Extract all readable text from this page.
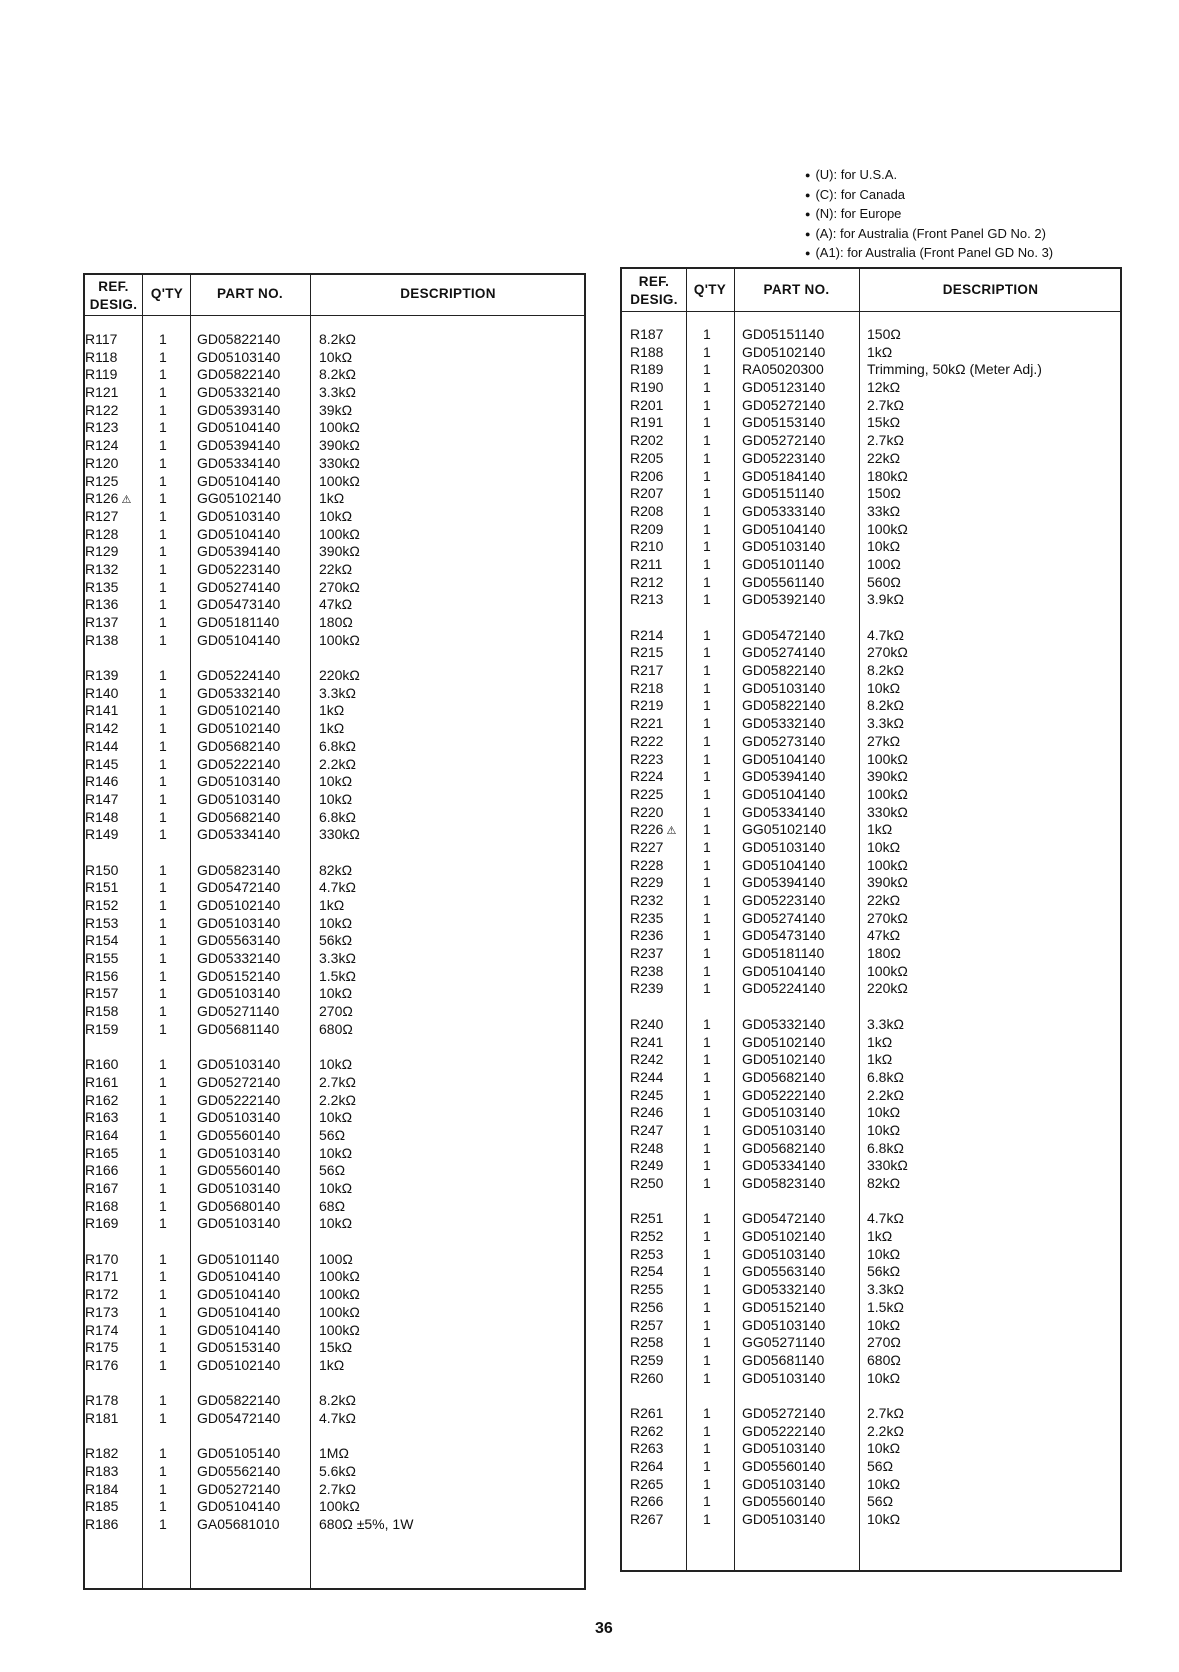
● (U): for U.S.A.
● (C): for Canada
● (N): for Europe
● (A): for Australia (Front Panel GD No. 2)
● (A1): for Australia (Front Panel GD No. 3)
REF.
DESIG.
Q'TY	PART NO.	DESCRIPTION
R117	1 GD05822140	8.2kΩ
R118	1 GD05103140	10kΩ
R119	1 GD05822140	8.2kΩ
R121	1 GD05332140	3.3kΩ
R122	1 GD05393140	39kΩ
R123	1 GD05104140	100kΩ
R124	1 GD05394140	390kΩ
R120	1 GD05334140	330kΩ
R125	1 GD05104140	100kΩ
R126 ⚠ 1 GG05102140	1kΩ
R127	1 GD05103140	10kΩ
R128	1 GD05104140	100kΩ
R129	1 GD05394140	390kΩ
R132	1 GD05223140	22kΩ
R135	1 GD05274140	270kΩ
R136	1 GD05473140	47kΩ
R137	1 GD05181140	180Ω
R138	1 GD05104140	100kΩ
R139	1 GD05224140	220kΩ
R140	1 GD05332140	3.3kΩ
R141	1 GD05102140	1kΩ
R142	1 GD05102140	1kΩ
R144	1 GD05682140	6.8kΩ
R145	1 GD05222140	2.2kΩ
R146	1 GD05103140	10kΩ
R147	1 GD05103140	10kΩ
R148	1 GD05682140	6.8kΩ
R149	1 GD05334140	330kΩ
R150	1 GD05823140	82kΩ
R151	1 GD05472140	4.7kΩ
R152	1 GD05102140	1kΩ
R153	1 GD05103140	10kΩ
R154	1 GD05563140	56kΩ
R155	1 GD05332140	3.3kΩ
R156	1 GD05152140	1.5kΩ
R157	1 GD05103140	10kΩ
R158	1 GD05271140	270Ω
R159	1 GD05681140	680Ω
R160	1 GD05103140	10kΩ
R161	1 GD05272140	2.7kΩ
R162	1 GD05222140	2.2kΩ
R163	1 GD05103140	10kΩ
R164	1 GD05560140	56Ω
R165	1 GD05103140	10kΩ
R166	1 GD05560140	56Ω
R167	1 GD05103140	10kΩ
R168	1 GD05680140	68Ω
R169	1 GD05103140	10kΩ
R170	1 GD05101140	100Ω
R171	1 GD05104140	100kΩ
R172	1 GD05104140	100kΩ
R173	1 GD05104140	100kΩ
R174	1 GD05104140	100kΩ
R175	1 GD05153140	15kΩ
R176	1 GD05102140	1kΩ
R178	1 GD05822140	8.2kΩ
R181	1 GD05472140	4.7kΩ
R182	1 GD05105140	1MΩ
R183	1 GD05562140	5.6kΩ
R184	1 GD05272140	2.7kΩ
R185	1 GD05104140	100kΩ
R186	1 GA05681010	680Ω ±5%, 1W
REF.
DESIG.
Q'TY	PART NO.	DESCRIPTION
R187	1 GD05151140	150Ω
R188	1 GD05102140	1kΩ
R189	1 RA05020300	Trimming, 50kΩ (Meter Adj.)
R190	1 GD05123140	12kΩ
R201	1 GD05272140	2.7kΩ
R191	1 GD05153140	15kΩ
R202	1 GD05272140	2.7kΩ
R205	1 GD05223140	22kΩ
R206	1 GD05184140	180kΩ
R207	1 GD05151140	150Ω
R208	1 GD05333140	33kΩ
R209	1 GD05104140	100kΩ
R210	1 GD05103140	10kΩ
R211	1 GD05101140	100Ω
R212	1 GD05561140	560Ω
R213	1 GD05392140	3.9kΩ
R214	1 GD05472140	4.7kΩ
R215	1 GD05274140	270kΩ
R217	1 GD05822140	8.2kΩ
R218	1 GD05103140	10kΩ
R219	1 GD05822140	8.2kΩ
R221	1 GD05332140	3.3kΩ
R222	1 GD05273140	27kΩ
R223	1 GD05104140	100kΩ
R224	1 GD05394140	390kΩ
R225	1 GD05104140	100kΩ
R220	1 GD05334140	330kΩ
R226 ⚠ 1 GG05102140	1kΩ
R227	1 GD05103140	10kΩ
R228	1 GD05104140	100kΩ
R229	1 GD05394140	390kΩ
R232	1 GD05223140	22kΩ
R235	1 GD05274140	270kΩ
R236	1 GD05473140	47kΩ
R237	1 GD05181140	180Ω
R238	1 GD05104140	100kΩ
R239	1 GD05224140	220kΩ
R240	1 GD05332140	3.3kΩ
R241	1 GD05102140	1kΩ
R242	1 GD05102140	1kΩ
R244	1 GD05682140	6.8kΩ
R245	1 GD05222140	2.2kΩ
R246	1 GD05103140	10kΩ
R247	1 GD05103140	10kΩ
R248	1 GD05682140	6.8kΩ
R249	1 GD05334140	330kΩ
R250	1 GD05823140	82kΩ
R251	1 GD05472140	4.7kΩ
R252	1 GD05102140	1kΩ
R253	1 GD05103140	10kΩ
R254	1 GD05563140	56kΩ
R255	1 GD05332140	3.3kΩ
R256	1 GD05152140	1.5kΩ
R257	1 GD05103140	10kΩ
R258	1 GG05271140	270Ω
R259	1 GD05681140	680Ω
R260	1 GD05103140	10kΩ
R261	1 GD05272140	2.7kΩ
R262	1 GD05222140	2.2kΩ
R263	1 GD05103140	10kΩ
R264	1 GD05560140	56Ω
R265	1 GD05103140	10kΩ
R266	1 GD05560140	56Ω
R267	1 GD05103140	10kΩ
36
